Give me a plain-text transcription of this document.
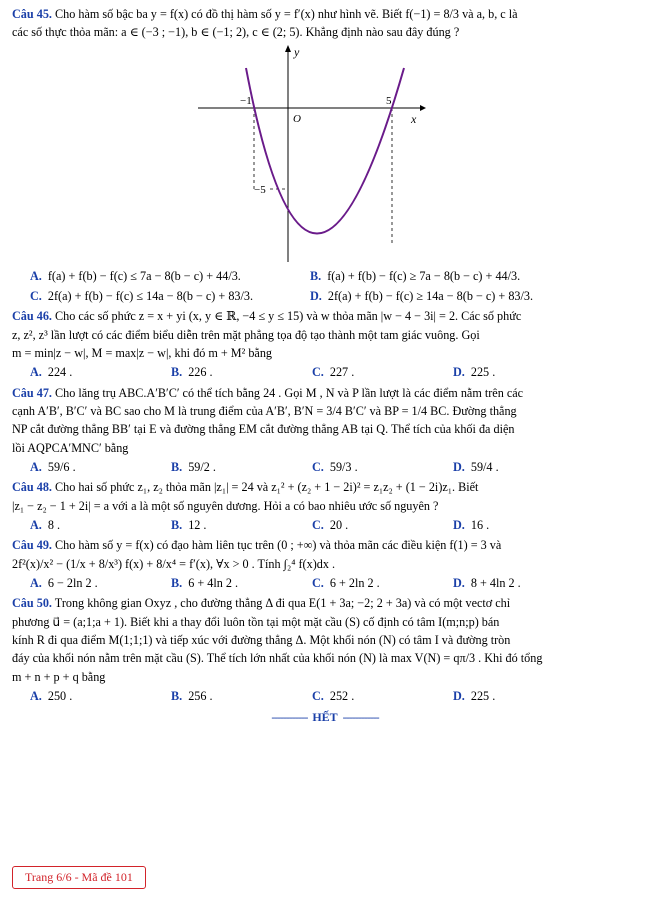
Câu 45. Cho hàm số bậc ba y = f(x) có đồ thị hàm số y = f′(x) như hình vẽ. Biết f(−1) = 8/3 và a, b, c là

các số thực thỏa mãn: a ∈ (−3 ; −1), b ∈ (−1; 2), c ∈ (2; 5). Khẳng định nào sau đây đúng ?

y
x
O
−1	5
−5
A. f(a) + f(b) − f(c) ≤ 7a − 8(b − c) + 44/3.	B. f(a) + f(b) − f(c) ≥ 7a − 8(b − c) + 44/3.
C. 2f(a) + f(b) − f(c) ≤ 14a − 8(b − c) + 83/3.	D. 2f(a) + f(b) − f(c) ≥ 14a − 8(b − c) + 83/3.

Câu 46. Cho các số phức z = x + yi (x, y ∈ ℝ, −4 ≤ y ≤ 15) và w thỏa mãn |w − 4 − 3i| = 2. Các số phức

z, z², z³ lần lượt có các điểm biểu diễn trên mặt phẳng tọa độ tạo thành một tam giác vuông. Gọi

m = min|z − w|, M = max|z − w|, khi đó m + M² bằng

A. 224 .	B. 226 .	C. 227 .	D. 225 .

Câu 47. Cho lăng trụ ABC.A′B′C′ có thể tích bằng 24 . Gọi M , N và P lần lượt là các điểm nằm trên các

cạnh A′B′, B′C′ và BC sao cho M là trung điểm của A′B′, B′N = 3/4 B′C′ và BP = 1/4 BC. Đường thẳng

NP cắt đường thẳng BB′ tại E và đường thẳng EM cắt đường thẳng AB tại Q. Thể tích của khối đa diện

lồi AQPCA′MNC′ bằng

A. 59/6 .	B. 59/2 .	C. 59/3 .	D. 59/4 .

Câu 48. Cho hai số phức z₁, z₂ thỏa mãn |z₁| = 24 và z₁² + (z₂ + 1 − 2i)² = z₁z₂ + (1 − 2i)z₁. Biết

|z₁ − z₂ − 1 + 2i| = a với a là một số nguyên dương. Hỏi a có bao nhiêu ước số nguyên ?

A. 8 .	B. 12 .	C. 20 .	D. 16 .

Câu 49. Cho hàm số y = f(x) có đạo hàm liên tục trên (0 ; +∞) và thỏa mãn các điều kiện f(1) = 3 và

2f²(x)/x² − (1/x + 8/x³) f(x) + 8/x⁴ = f′(x), ∀x > 0 . Tính ∫₂⁴ f(x)dx .

A. 6 − 2ln 2 .	B. 6 + 4ln 2 .	C. 6 + 2ln 2 .	D. 8 + 4ln 2 .

Câu 50. Trong không gian Oxyz , cho đường thẳng Δ đi qua E(1 + 3a; −2; 2 + 3a) và có một vectơ chỉ

phương u⃗ = (a;1;a + 1). Biết khi a thay đổi luôn tồn tại một mặt cầu (S) cố định có tâm I(m;n;p) bán

kính R đi qua điểm M(1;1;1) và tiếp xúc với đường thẳng Δ. Một khối nón (N) có tâm I và đường tròn

đáy của khối nón nằm trên mặt cầu (S). Thể tích lớn nhất của khối nón (N) là max V(N) = qπ/3 . Khi đó tổng

m + n + p + q bằng

A. 250 .	B. 256 .	C. 252 .	D. 225 .
------------ HẾT ------------
Trang 6/6 - Mã đề 101
